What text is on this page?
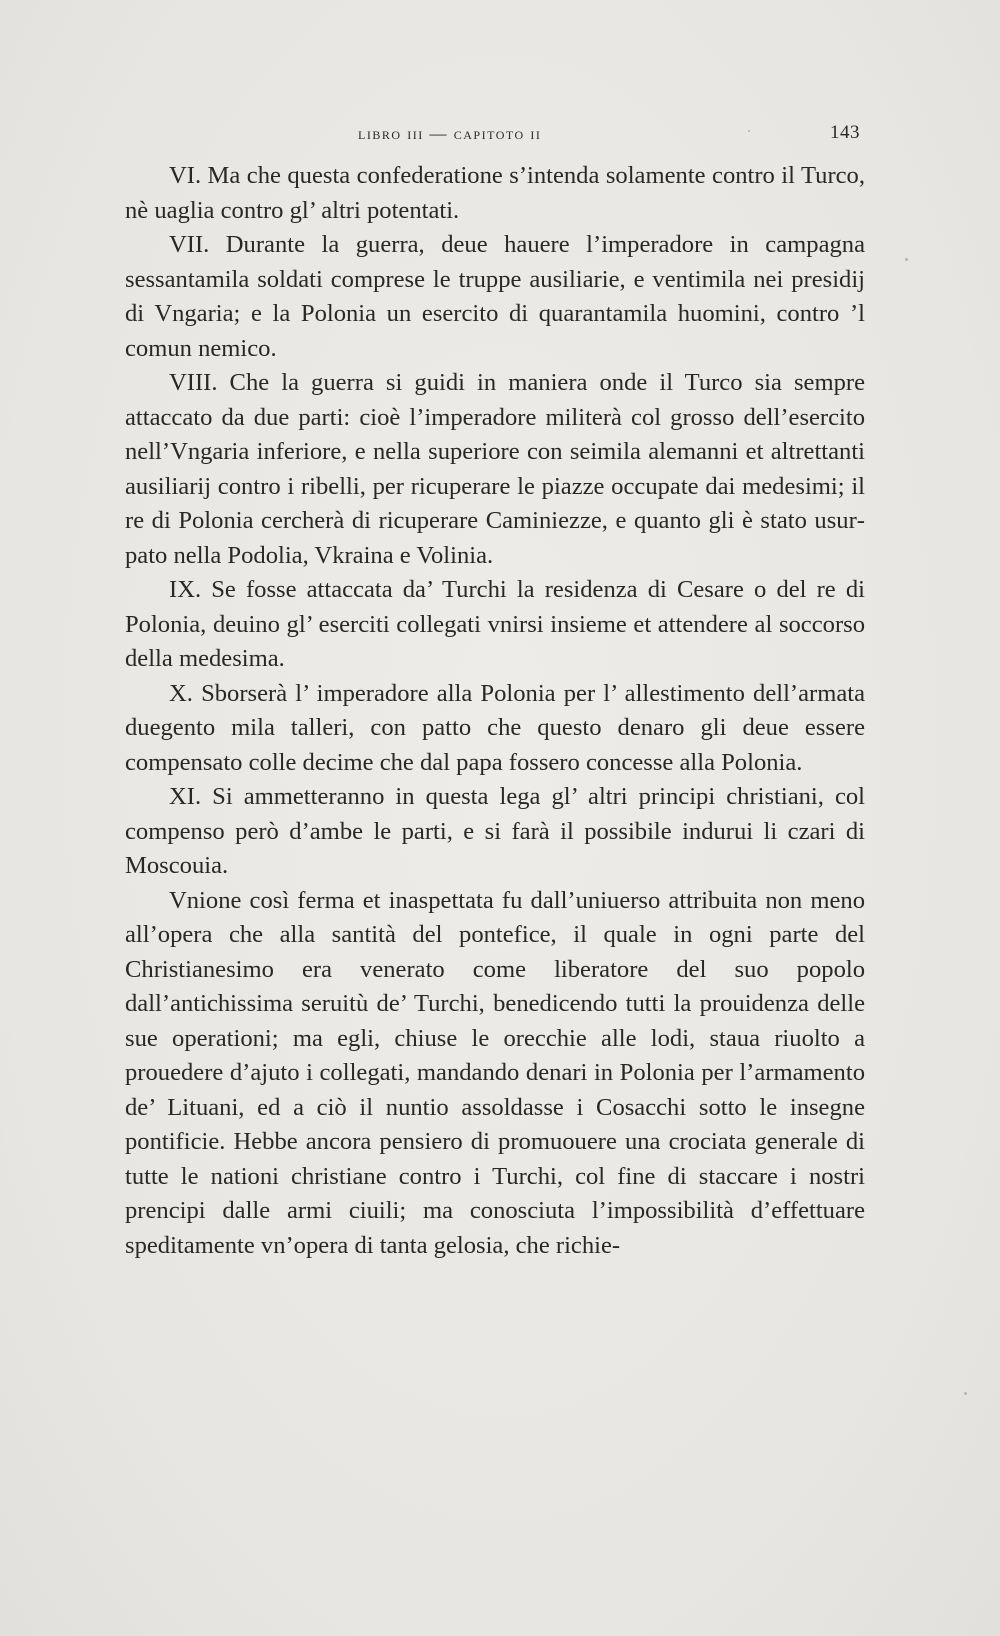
libro iii — capitoto ii	143

VI. Ma che questa confederatione s’intenda solamente contro il Turco, nè uaglia contro gl’ altri potentati.

VII. Durante la guerra, deue hauere l’imperadore in campagna sessantamila soldati comprese le truppe ausiliarie, e ventimila nei presidij di Vngaria; e la Polonia un esercito di quarantamila huomini, contro ’l comun nemico.

VIII. Che la guerra si guidi in maniera onde il Turco sia sempre attaccato da due parti: cioè l’imperadore militerà col grosso dell’esercito nell’Vngaria inferiore, e nella superiore con seimila alemanni et altrettanti ausiliarij contro i ribelli, per ricuperare le piazze occupate dai medesimi; il re di Polonia cercherà di ricuperare Caminiezze, e quanto gli è stato usurpato nella Podolia, Vkraina e Volinia.

IX. Se fosse attaccata da’ Turchi la residenza di Cesare o del re di Polonia, deuino gl’ eserciti collegati vnirsi insieme et attendere al soccorso della medesima.

X. Sborserà l’ imperadore alla Polonia per l’ allestimento dell’armata duegento mila talleri, con patto che questo denaro gli deue essere compensato colle decime che dal papa fossero concesse alla Polonia.

XI. Si ammetteranno in questa lega gl’ altri principi christiani, col compenso però d’ambe le parti, e si farà il possibile indurui li czari di Moscouia.

Vnione così ferma et inaspettata fu dall’uniuerso attribuita non meno all’opera che alla santità del pontefice, il quale in ogni parte del Christianesimo era venerato come liberatore del suo popolo dall’antichissima seruitù de’ Turchi, benedicendo tutti la prouidenza delle sue operationi; ma egli, chiuse le orecchie alle lodi, staua riuolto a prouedere d’ajuto i collegati, mandando denari in Polonia per l’armamento de’ Lituani, ed a ciò il nuntio assoldasse i Cosacchi sotto le insegne pontificie. Hebbe ancora pensiero di promuouere una crociata generale di tutte le nationi christiane contro i Turchi, col fine di staccare i nostri prencipi dalle armi ciuili; ma conosciuta l’impossibilità d’effettuare speditamente vn’opera di tanta gelosia, che richie-
